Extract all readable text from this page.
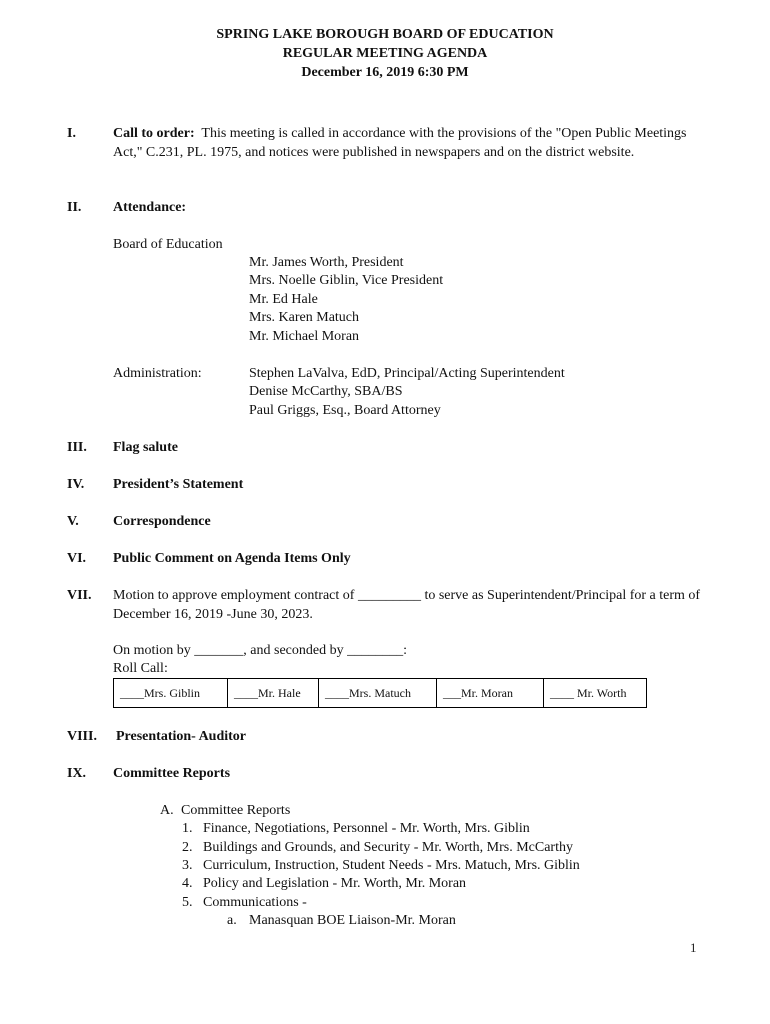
SPRING LAKE BOROUGH BOARD OF EDUCATION
REGULAR MEETING AGENDA
December 16, 2019 6:30 PM
I.	Call to order: This meeting is called in accordance with the provisions of the "Open Public Meetings Act," C.231, PL. 1975, and notices were published in newspapers and on the district website.
II. Attendance:
Board of Education
Mr. James Worth, President
Mrs. Noelle Giblin, Vice President
Mr. Ed Hale
Mrs. Karen Matuch
Mr. Michael Moran
Administration:	Stephen LaValva, EdD, Principal/Acting Superintendent
Denise McCarthy, SBA/BS
Paul Griggs, Esq., Board Attorney
III. Flag salute
IV. President’s Statement
V. Correspondence
VI. Public Comment on Agenda Items Only
VII. Motion to approve employment contract of _________ to serve as Superintendent/Principal for a term of December 16, 2019 -June 30, 2023.
On motion by _______, and seconded by ________:
Roll Call:
____Mrs. Giblin	____Mr. Hale	____Mrs. Matuch	___Mr. Moran	____ Mr. Worth
VIII. Presentation- Auditor
IX. Committee Reports
A. Committee Reports
1. Finance, Negotiations, Personnel - Mr. Worth, Mrs. Giblin
2. Buildings and Grounds, and Security - Mr. Worth, Mrs. McCarthy
3. Curriculum, Instruction, Student Needs - Mrs. Matuch, Mrs. Giblin
4. Policy and Legislation - Mr. Worth, Mr. Moran
5. Communications -
a. Manasquan BOE Liaison-Mr. Moran
1
